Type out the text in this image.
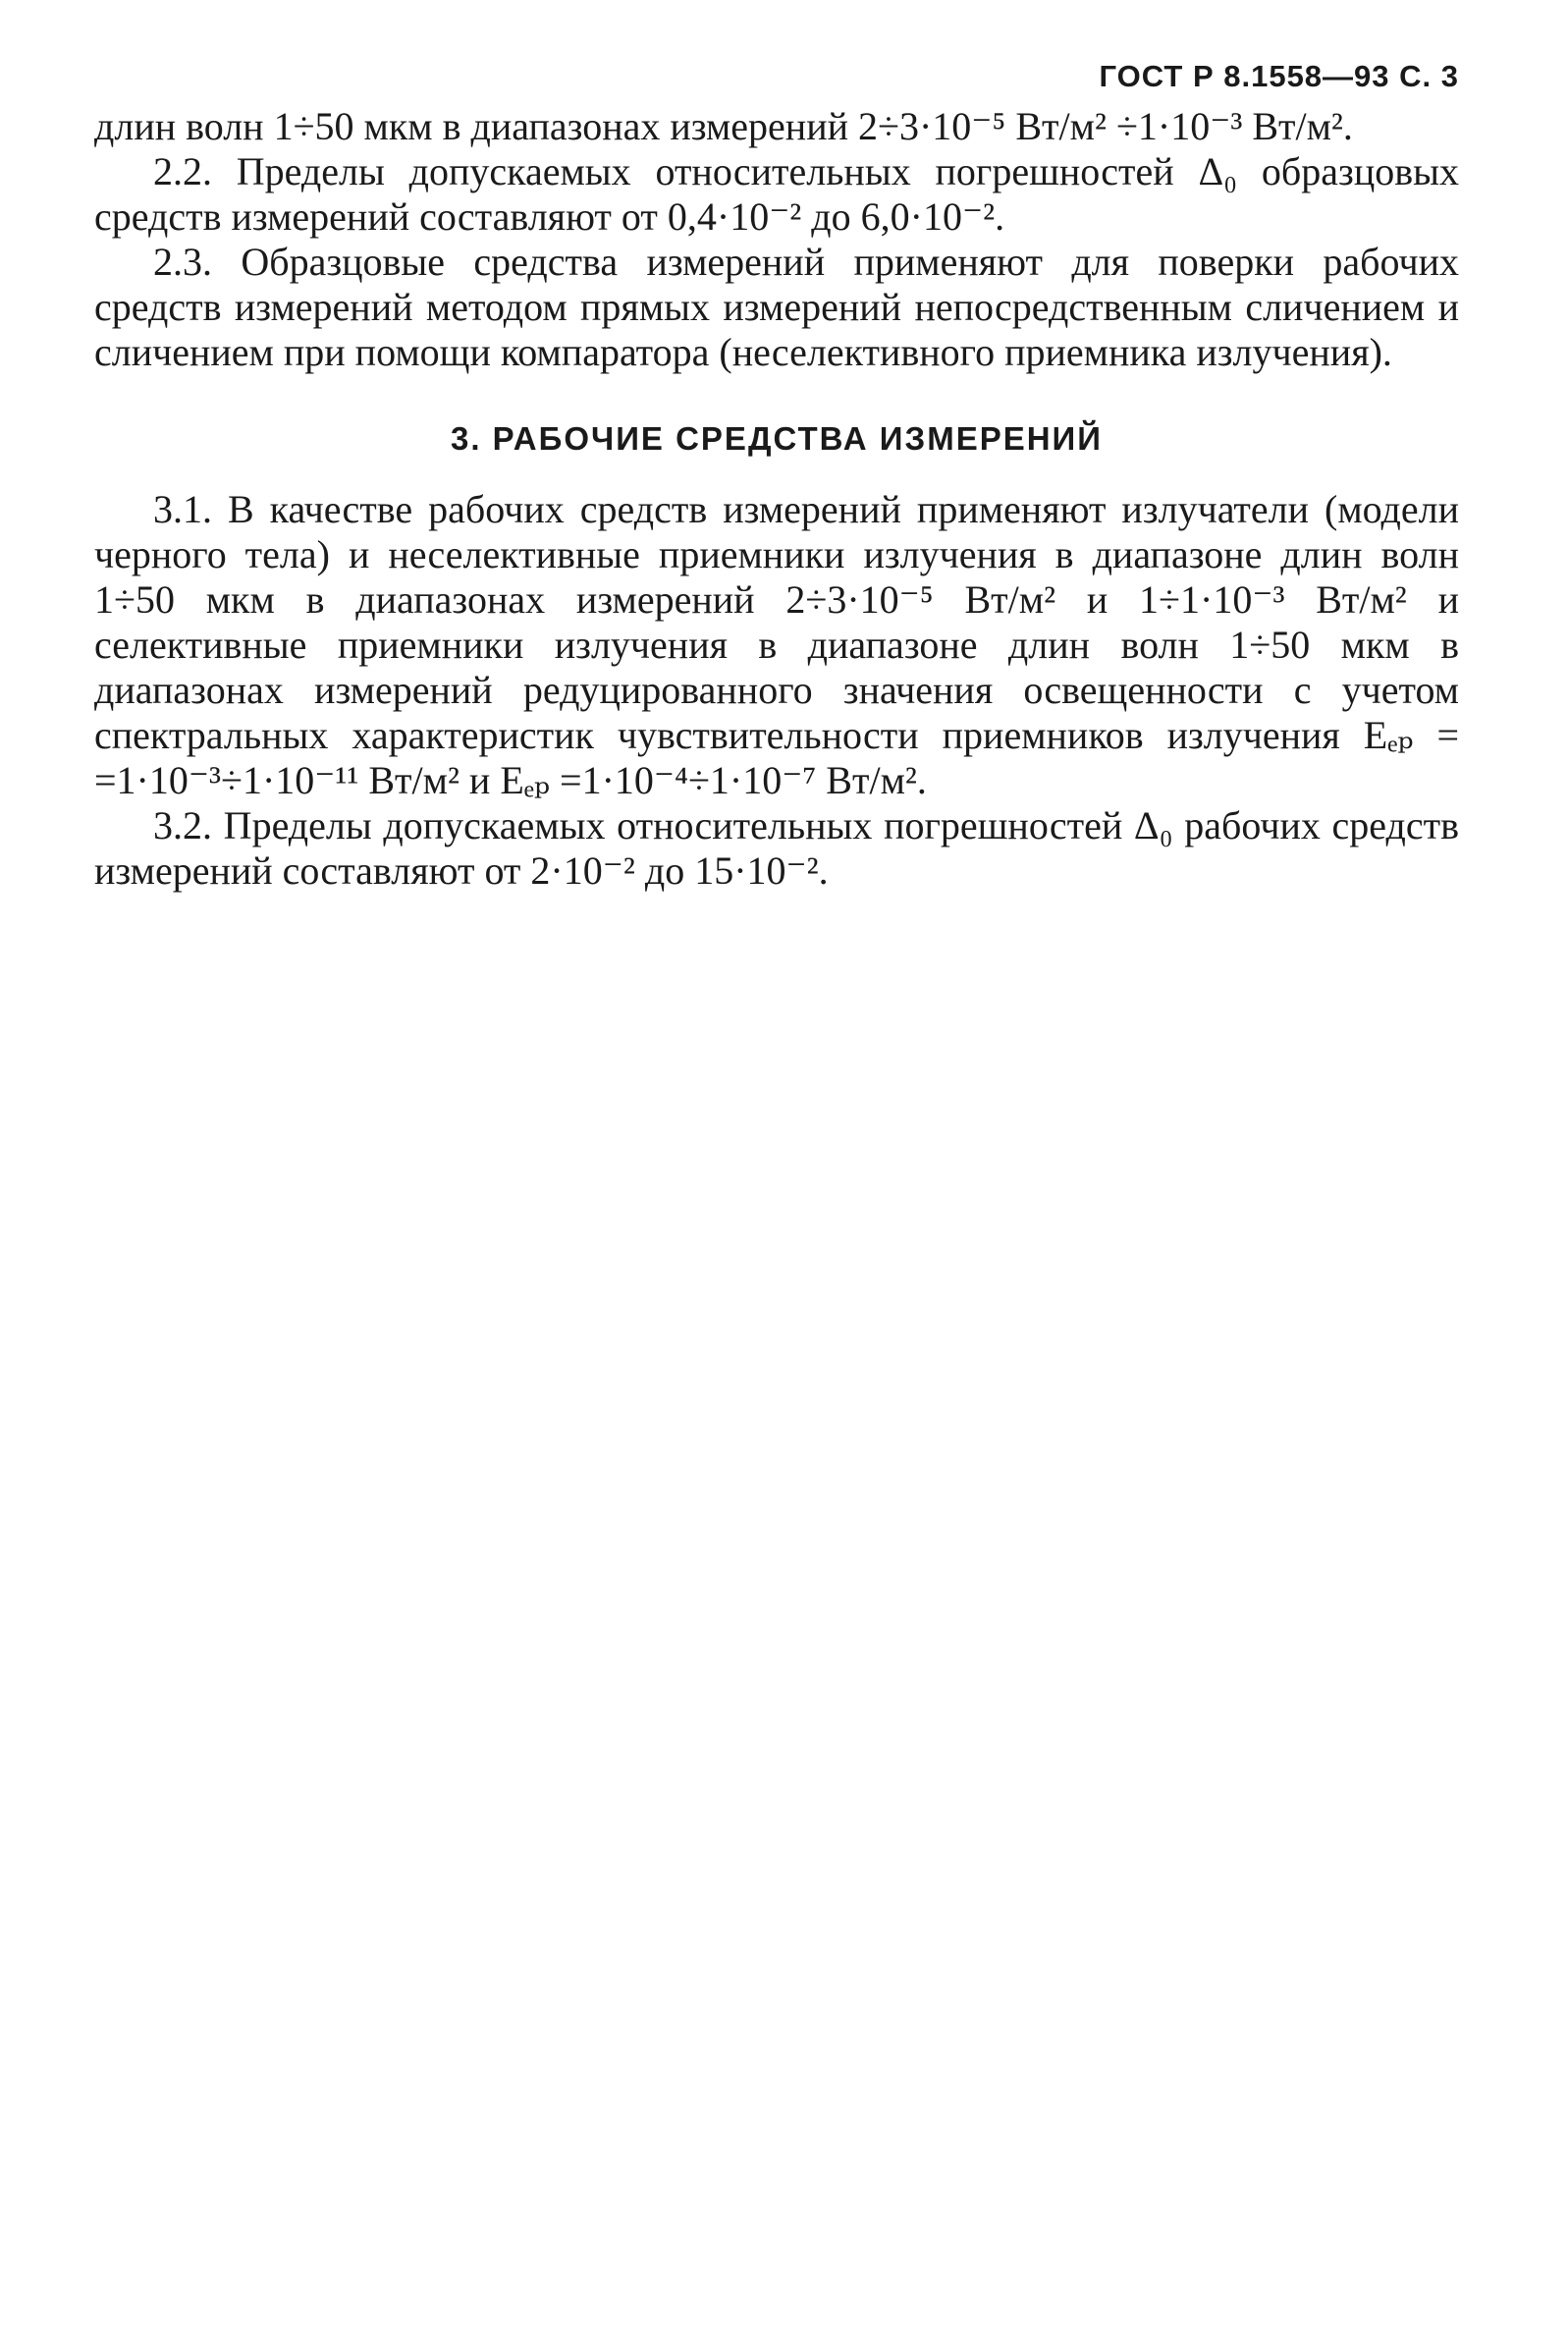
ГОСТ Р 8.1558—93 С. 3

длин волн 1÷50 мкм в диапазонах измерений 2÷3·10⁻⁵ Вт/м² ÷1·10⁻³ Вт/м².

2.2. Пределы допускаемых относительных погрешностей Δ₀ образцовых средств измерений составляют от 0,4·10⁻² до 6,0·10⁻².

2.3. Образцовые средства измерений применяют для поверки рабочих средств измерений методом прямых измерений непосредственным сличением и сличением при помощи компаратора (неселективного приемника излучения).

3. РАБОЧИЕ СРЕДСТВА ИЗМЕРЕНИЙ

3.1. В качестве рабочих средств измерений применяют излучатели (модели черного тела) и неселективные приемники излучения в диапазоне длин волн 1÷50 мкм в диапазонах измерений 2÷3·10⁻⁵ Вт/м² и 1÷1·10⁻³ Вт/м² и селективные приемники излучения в диапазоне длин волн 1÷50 мкм в диапазонах измерений редуцированного значения освещенности с учетом спектральных характеристик чувствительности приемников излучения Eₑₚ = =1·10⁻³÷1·10⁻¹¹ Вт/м² и Eₑₚ =1·10⁻⁴÷1·10⁻⁷ Вт/м².

3.2. Пределы допускаемых относительных погрешностей Δ₀ рабочих средств измерений составляют от 2·10⁻² до 15·10⁻².
